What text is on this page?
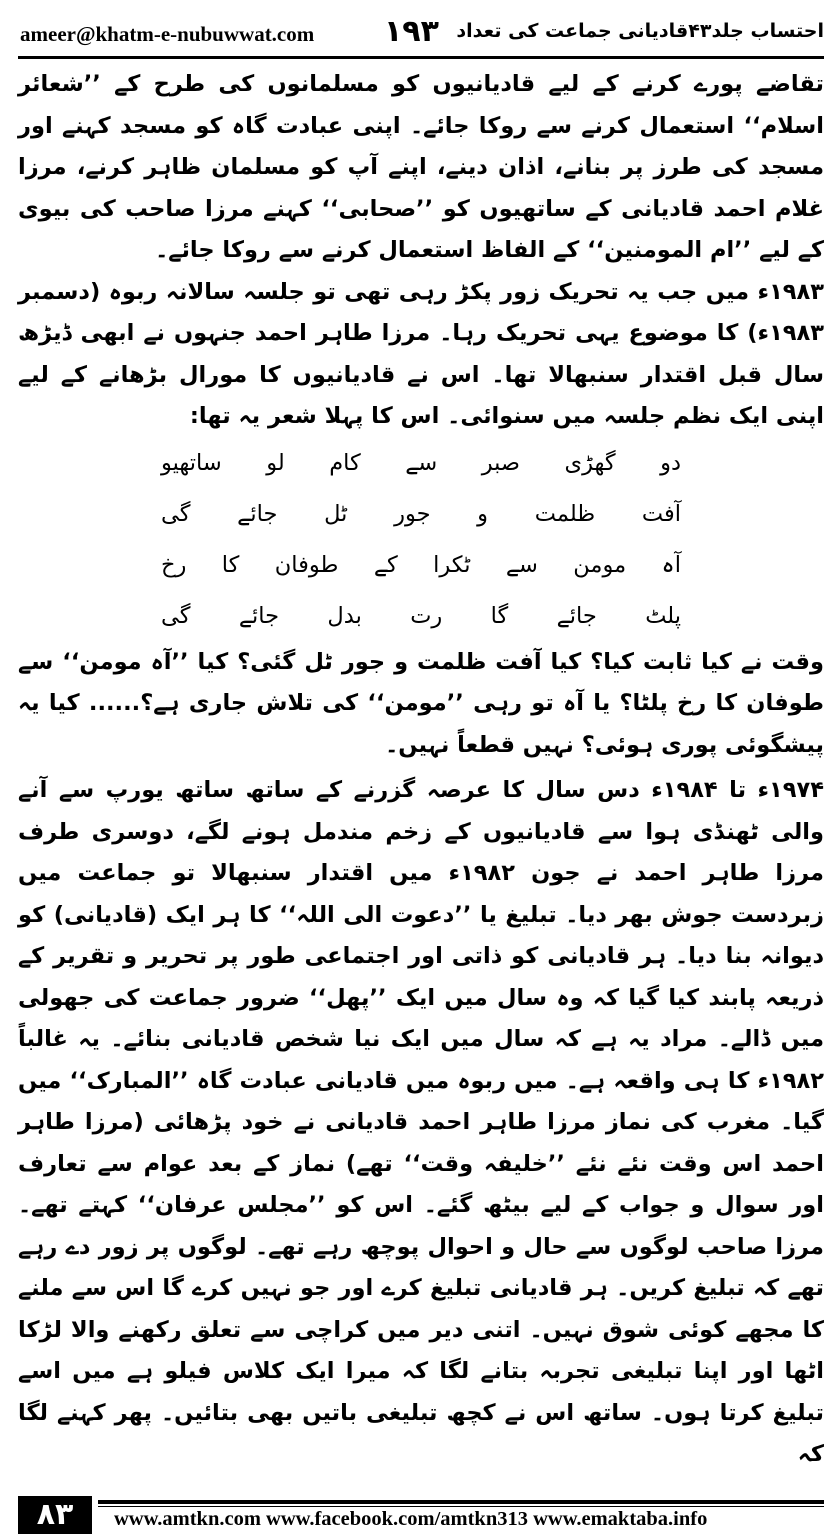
ameer@khatm-e-nubuwwat.com ۱۹۳ احتساب جلد۴۳قادیانی جماعت کی تعداد

تقاضے پورے کرنے کے لیے قادیانیوں کو مسلمانوں کی طرح کے ’’شعائر اسلام‘‘ استعمال کرنے سے روکا جائے۔ اپنی عبادت گاہ کو مسجد کہنے اور مسجد کی طرز پر بنانے، اذان دینے، اپنے آپ کو مسلمان ظاہر کرنے، مرزا غلام احمد قادیانی کے ساتھیوں کو ’’صحابی‘‘ کہنے مرزا صاحب کی بیوی کے لیے ’’ام المومنین‘‘ کے الفاظ استعمال کرنے سے روکا جائے۔

۱۹۸۳ء میں جب یہ تحریک زور پکڑ رہی تھی تو جلسہ سالانہ ربوہ (دسمبر ۱۹۸۳ء) کا موضوع یہی تحریک رہا۔ مرزا طاہر احمد جنہوں نے ابھی ڈیڑھ سال قبل اقتدار سنبھالا تھا۔ اس نے قادیانیوں کا مورال بڑھانے کے لیے اپنی ایک نظم جلسہ میں سنوائی۔ اس کا پہلا شعر یہ تھا:

دو گھڑی صبر سے کام لو ساتھیو
آفت ظلمت و جور ٹل جائے گی
آہ مومن سے ٹکرا کے طوفان کا رخ
پلٹ جائے گا رت بدل جائے گی

وقت نے کیا ثابت کیا؟ کیا آفت ظلمت و جور ٹل گئی؟ کیا ’’آہ مومن‘‘ سے طوفان کا رخ پلٹا؟ یا آہ تو رہی ’’مومن‘‘ کی تلاش جاری ہے؟...... کیا یہ پیشگوئی پوری ہوئی؟ نہیں قطعاً نہیں۔

۱۹۷۴ء تا ۱۹۸۴ء دس سال کا عرصہ گزرنے کے ساتھ ساتھ یورپ سے آنے والی ٹھنڈی ہوا سے قادیانیوں کے زخم مندمل ہونے لگے، دوسری طرف مرزا طاہر احمد نے جون ۱۹۸۲ء میں اقتدار سنبھالا تو جماعت میں زبردست جوش بھر دیا۔ تبلیغ یا ’’دعوت الی اللہ‘‘ کا ہر ایک (قادیانی) کو دیوانہ بنا دیا۔ ہر قادیانی کو ذاتی اور اجتماعی طور پر تحریر و تقریر کے ذریعہ پابند کیا گیا کہ وہ سال میں ایک ’’پھل‘‘ ضرور جماعت کی جھولی میں ڈالے۔ مراد یہ ہے کہ سال میں ایک نیا شخص قادیانی بنائے۔ یہ غالباً ۱۹۸۲ء کا ہی واقعہ ہے۔ میں ربوہ میں قادیانی عبادت گاہ ’’المبارک‘‘ میں گیا۔ مغرب کی نماز مرزا طاہر احمد قادیانی نے خود پڑھائی (مرزا طاہر احمد اس وقت نئے نئے ’’خلیفہ وقت‘‘ تھے) نماز کے بعد عوام سے تعارف اور سوال و جواب کے لیے بیٹھ گئے۔ اس کو ’’مجلس عرفان‘‘ کہتے تھے۔ مرزا صاحب لوگوں سے حال و احوال پوچھ رہے تھے۔ لوگوں پر زور دے رہے تھے کہ تبلیغ کریں۔ ہر قادیانی تبلیغ کرے اور جو نہیں کرے گا اس سے ملنے کا مجھے کوئی شوق نہیں۔ اتنی دیر میں کراچی سے تعلق رکھنے والا لڑکا اٹھا اور اپنا تبلیغی تجربہ بتانے لگا کہ میرا ایک کلاس فیلو ہے میں اسے تبلیغ کرتا ہوں۔ ساتھ اس نے کچھ تبلیغی باتیں بھی بتائیں۔ پھر کہنے لگا کہ

۸۳	www.amtkn.com www.facebook.com/amtkn313 www.emaktaba.info
